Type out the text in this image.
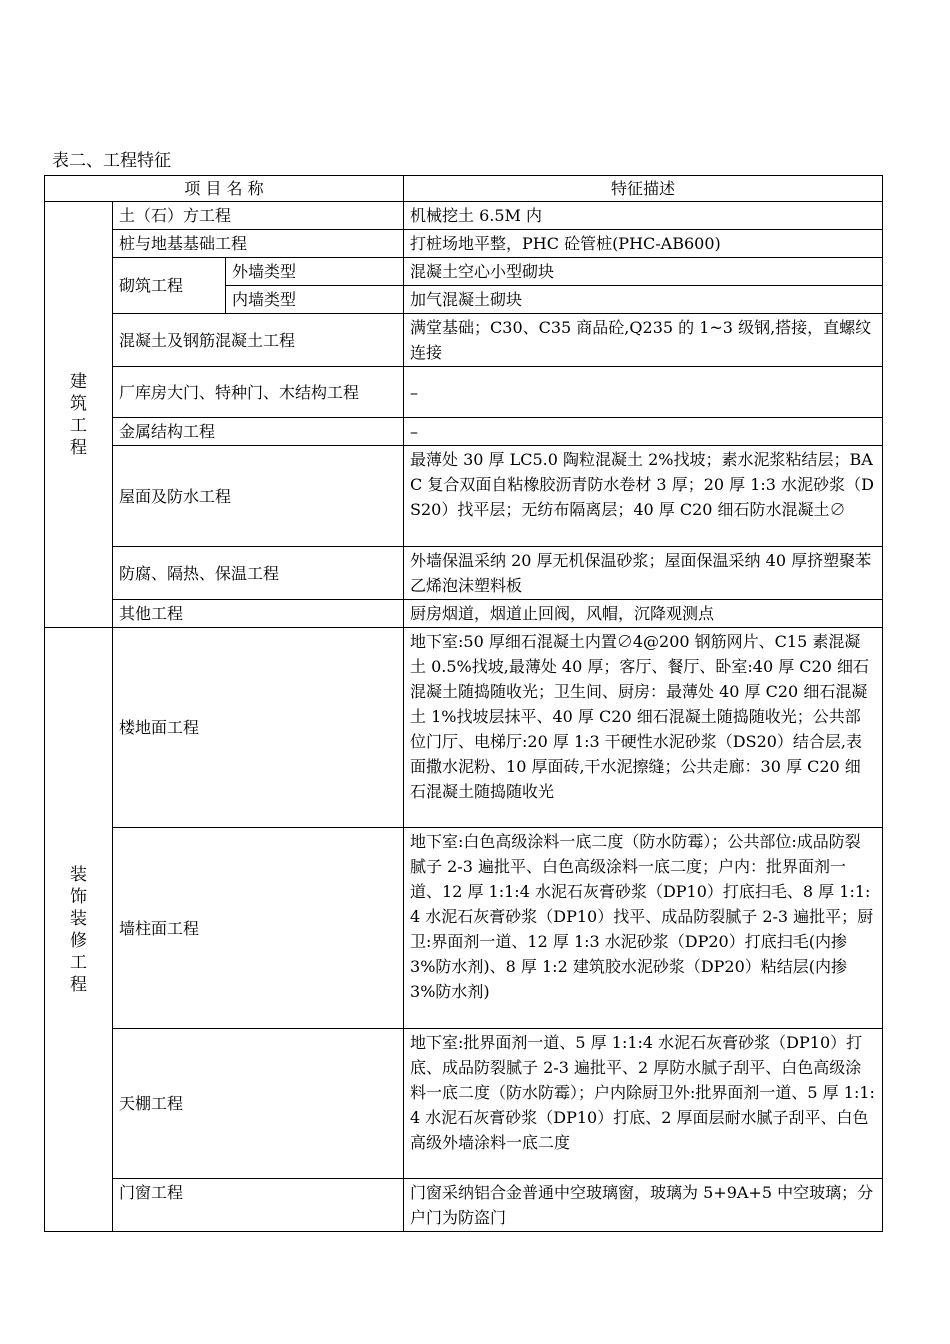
表二、工程特征
项 目 名 称			特征描述

建筑工程	土（石）方工程		机械挖土 6.5M 内
	桩与地基基础工程		打桩场地平整，PHC 砼管桩(PHC-AB600)
	砌筑工程	外墙类型	混凝土空心小型砌块
		内墙类型	加气混凝土砌块
	混凝土及钢筋混凝土工程		满堂基础；C30、C35 商品砼,Q235 的 1~3 级钢,搭接，直螺纹连接
	厂库房大门、特种门、木结构工程		–
	金属结构工程		–
	屋面及防水工程		最薄处 30 厚 LC5.0 陶粒混凝土 2%找坡；素水泥浆粘结层；BAC 复合双面自粘橡胶沥青防水卷材 3 厚；20 厚 1:3 水泥砂浆（DS20）找平层；无纺布隔离层；40 厚 C20 细石防水混凝土∅
	防腐、隔热、保温工程		外墙保温采纳 20 厚无机保温砂浆；屋面保温采纳 40 厚挤塑聚苯乙烯泡沫塑料板
	其他工程		厨房烟道，烟道止回阀，风帽，沉降观测点

装饰装修工程	楼地面工程		地下室:50 厚细石混凝土内置∅4@200 钢筋网片、C15 素混凝土 0.5%找坡,最薄处 40 厚；客厅、餐厅、卧室:40 厚 C20 细石混凝土随捣随收光；卫生间、厨房：最薄处 40 厚 C20 细石混凝土 1%找坡层抹平、40 厚 C20 细石混凝土随捣随收光；公共部位门厅、电梯厅:20 厚 1:3 干硬性水泥砂浆（DS20）结合层,表面撒水泥粉、10 厚面砖,干水泥擦缝；公共走廊：30 厚 C20 细石混凝土随捣随收光
	墙柱面工程		地下室:白色高级涂料一底二度（防水防霉）；公共部位:成品防裂腻子 2-3 遍批平、白色高级涂料一底二度；户内：批界面剂一道、12 厚 1:1:4 水泥石灰膏砂浆（DP10）打底扫毛、8 厚 1:1:4 水泥石灰膏砂浆（DP10）找平、成品防裂腻子 2-3 遍批平；厨卫:界面剂一道、12 厚 1:3 水泥砂浆（DP20）打底扫毛(内掺 3%防水剂)、8 厚 1:2 建筑胶水泥砂浆（DP20）粘结层(内掺 3%防水剂)
	天棚工程		地下室:批界面剂一道、5 厚 1:1:4 水泥石灰膏砂浆（DP10）打底、成品防裂腻子 2-3 遍批平、2 厚防水腻子刮平、白色高级涂料一底二度（防水防霉）；户内除厨卫外:批界面剂一道、5 厚 1:1:4 水泥石灰膏砂浆（DP10）打底、2 厚面层耐水腻子刮平、白色高级外墙涂料一底二度
	门窗工程		门窗采纳铝合金普通中空玻璃窗，玻璃为 5+9A+5 中空玻璃；分户门为防盗门
